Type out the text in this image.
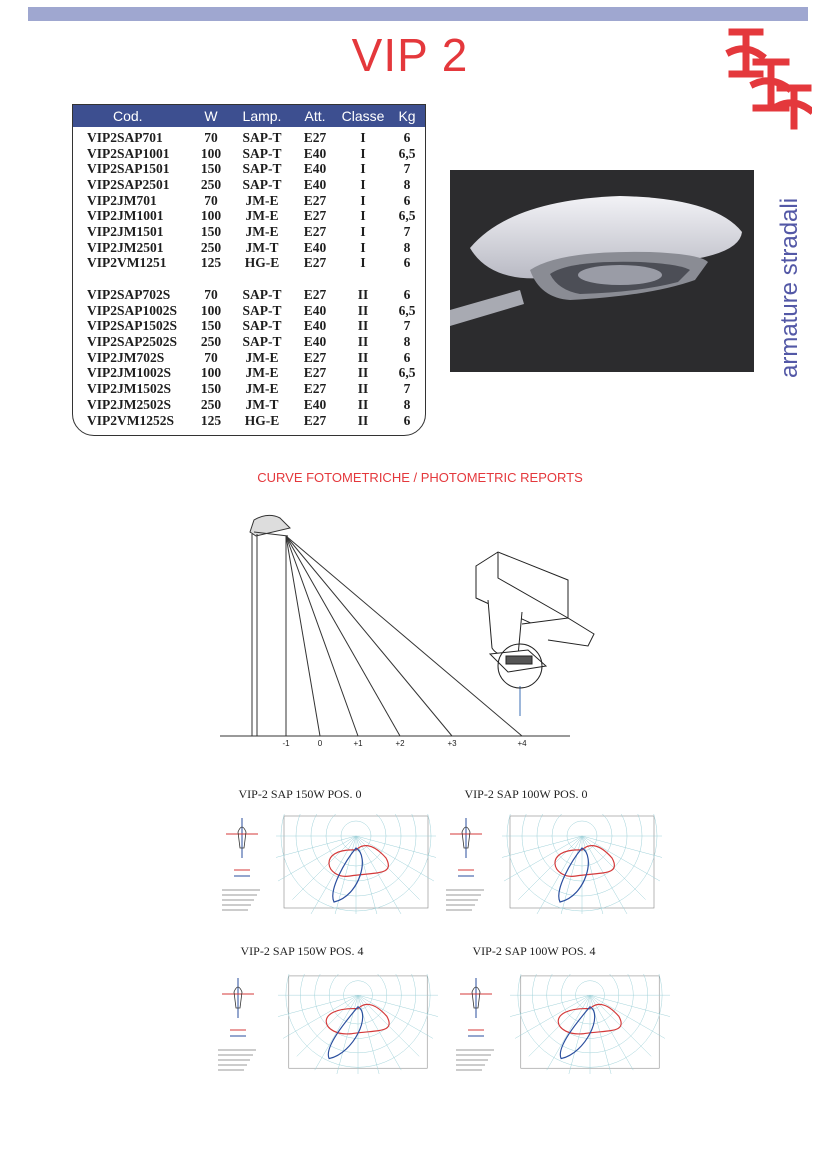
VIP 2
armature stradali
Cod.	W	Lamp.	Att.	Classe	Kg
VIP2SAP701	70	SAP-T	E27	I	6
VIP2SAP1001	100	SAP-T	E40	I	6,5
VIP2SAP1501	150	SAP-T	E40	I	7
VIP2SAP2501	250	SAP-T	E40	I	8
VIP2JM701	70	JM-E	E27	I	6
VIP2JM1001	100	JM-E	E27	I	6,5
VIP2JM1501	150	JM-E	E27	I	7
VIP2JM2501	250	JM-T	E40	I	8
VIP2VM1251	125	HG-E	E27	I	6
VIP2SAP702S	70	SAP-T	E27	II	6
VIP2SAP1002S	100	SAP-T	E40	II	6,5
VIP2SAP1502S	150	SAP-T	E40	II	7
VIP2SAP2502S	250	SAP-T	E40	II	8
VIP2JM702S	70	JM-E	E27	II	6
VIP2JM1002S	100	JM-E	E27	II	6,5
VIP2JM1502S	150	JM-E	E27	II	7
VIP2JM2502S	250	JM-T	E40	II	8
VIP2VM1252S	125	HG-E	E27	II	6
CURVE FOTOMETRICHE / PHOTOMETRIC REPORTS
-1	0	+1	+2	+3	+4
VIP-2 SAP 150W POS. 0	VIP-2 SAP 100W POS. 0
VIP-2 SAP 150W POS. 4	VIP-2 SAP 100W POS. 4
